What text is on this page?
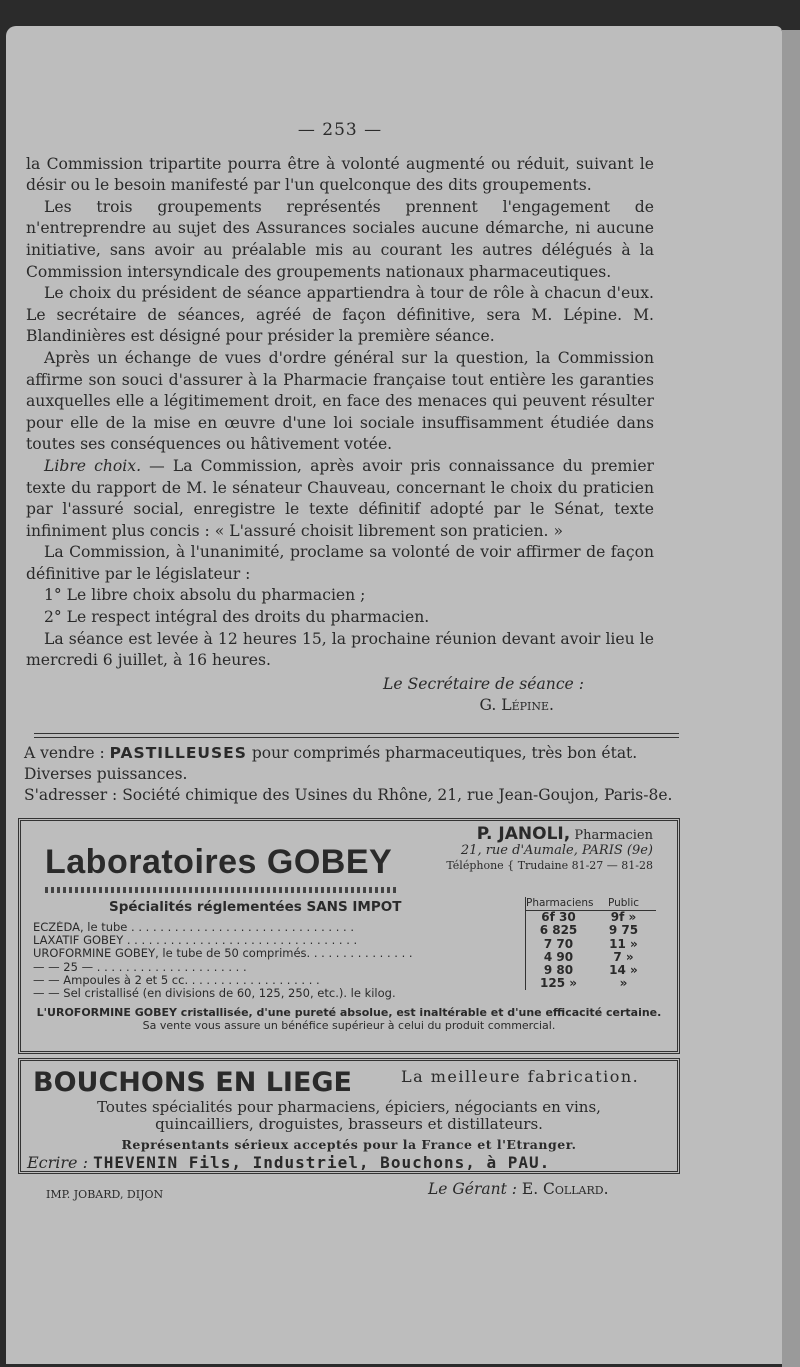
— 253 —

la Commission tripartite pourra être à volonté augmenté ou réduit, suivant le désir ou le besoin manifesté par l'un quelconque des dits groupements.

Les trois groupements représentés prennent l'engagement de n'entreprendre au sujet des Assurances sociales aucune démarche, ni aucune initiative, sans avoir au préalable mis au courant les autres délégués à la Commission intersyndicale des groupements nationaux pharmaceutiques.

Le choix du président de séance appartiendra à tour de rôle à chacun d'eux. Le secrétaire de séances, agréé de façon définitive, sera M. Lépine. M. Blandinières est désigné pour présider la première séance.

Après un échange de vues d'ordre général sur la question, la Commission affirme son souci d'assurer à la Pharmacie française tout entière les garanties auxquelles elle a légitimement droit, en face des menaces qui peuvent résulter pour elle de la mise en œuvre d'une loi sociale insuffisamment étudiée dans toutes ses conséquences ou hâtivement votée.

Libre choix. — La Commission, après avoir pris connaissance du premier texte du rapport de M. le sénateur Chauveau, concernant le choix du praticien par l'assuré social, enregistre le texte définitif adopté par le Sénat, texte infiniment plus concis : « L'assuré choisit librement son praticien. »

La Commission, à l'unanimité, proclame sa volonté de voir affirmer de façon définitive par le législateur :

1° Le libre choix absolu du pharmacien ;

2° Le respect intégral des droits du pharmacien.

La séance est levée à 12 heures 15, la prochaine réunion devant avoir lieu le mercredi 6 juillet, à 16 heures.

Le Secrétaire de séance :
G. Lépine.
A vendre : PASTILLEUSES pour comprimés pharmaceutiques, très bon état. Diverses puissances.
S'adresser : Société chimique des Usines du Rhône, 21, rue Jean-Goujon, Paris-8e.
Laboratoires GOBEY
P. JANOLI, Pharmacien
21, rue d'Aumale, PARIS (9e)
Téléphone { Trudaine 81-27 — 81-28
Spécialités réglementées SANS IMPOT
ECZÉDA, le tube . . . . . . . . . . . . . . . . . . . . . . . . . . . . . . .
LAXATIF GOBEY . . . . . . . . . . . . . . . . . . . . . . . . . . . . . . . .
UROFORMINE GOBEY, le tube de 50 comprimés. . . . . . . . . . . . . . .
— — 25 — . . . . . . . . . . . . . . . . . . . . .
— — Ampoules à 2 et 5 cc. . . . . . . . . . . . . . . . . . .
— — Sel cristallisé (en divisions de 60, 125, 250, etc.). le kilog.
Pharmaciens	Public
6f 30	9f »
6 825	9 75
7 70	11 »
4 90	7 »
9 80	14 »
125 »	»
L'UROFORMINE GOBEY cristallisée, d'une pureté absolue, est inaltérable et d'une efficacité certaine.
Sa vente vous assure un bénéfice supérieur à celui du produit commercial.
BOUCHONS EN LIEGE	La meilleure fabrication.
Toutes spécialités pour pharmaciens, épiciers, négociants en vins,
quincailliers, droguistes, brasseurs et distillateurs.
Représentants sérieux acceptés pour la France et l'Etranger.
Ecrire : THEVENIN Fils, Industriel, Bouchons, à PAU.
IMP. JOBARD, DIJON	Le Gérant : E. Collard.
